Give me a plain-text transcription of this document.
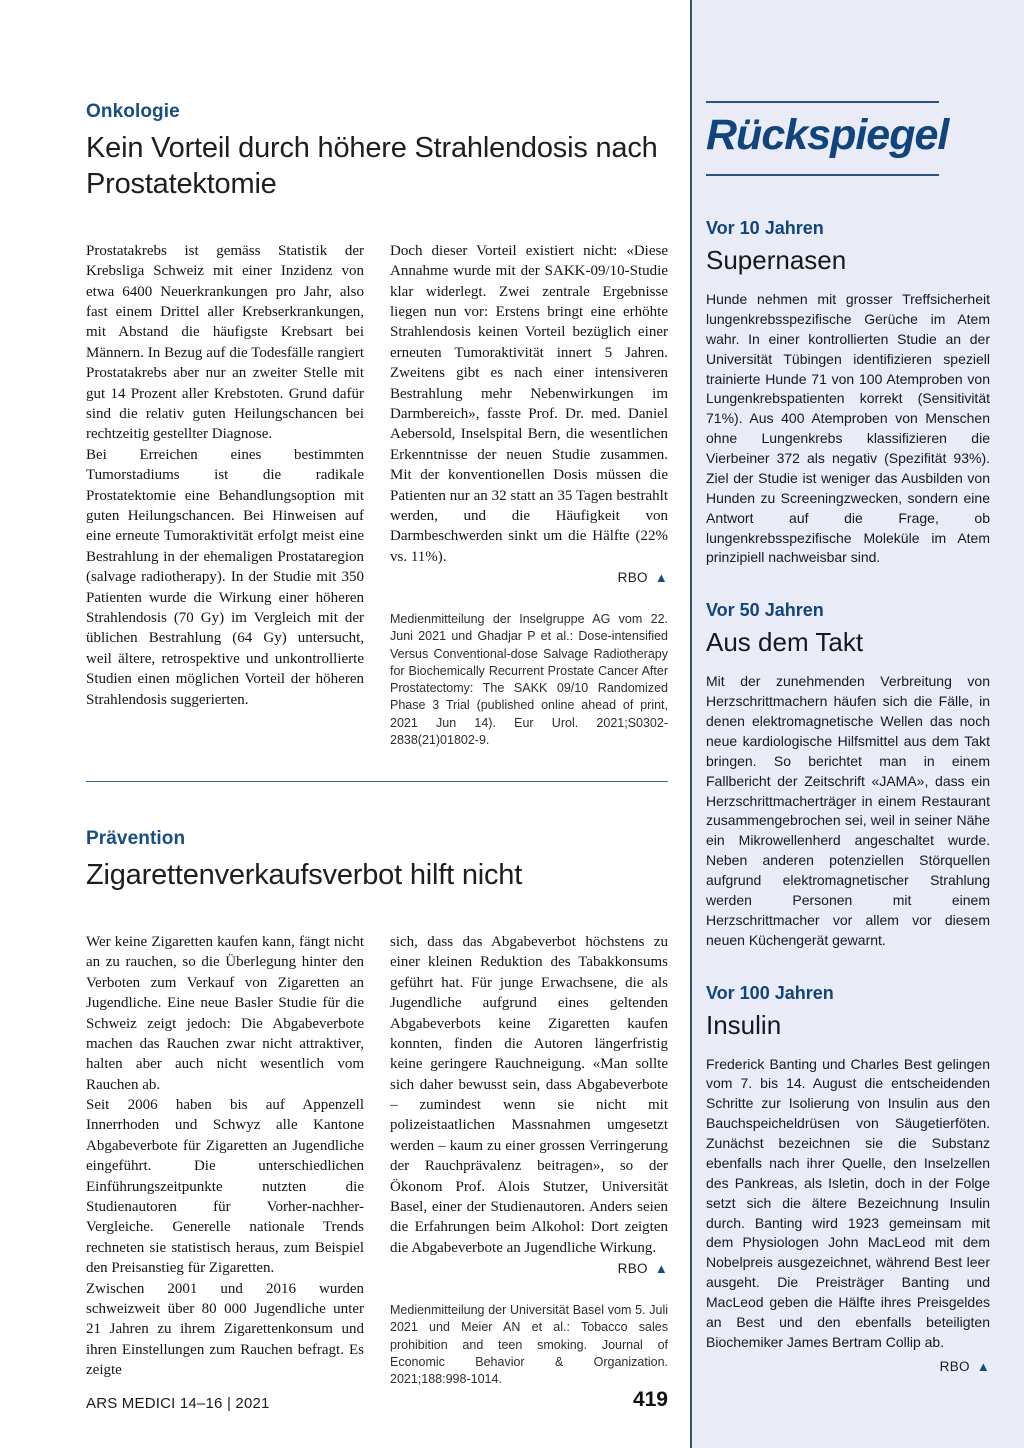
Onkologie
Kein Vorteil durch höhere Strahlendosis nach Prostatektomie

Prostatakrebs ist gemäss Statistik der Krebsliga Schweiz mit einer Inzidenz von etwa 6400 Neuerkrankungen pro Jahr, also fast einem Drittel aller Krebserkrankungen, mit Abstand die häufigste Krebsart bei Männern. In Bezug auf die Todesfälle rangiert Prostatakrebs aber nur an zweiter Stelle mit gut 14 Prozent aller Krebstoten. Grund dafür sind die relativ guten Heilungschancen bei rechtzeitig gestellter Diagnose.

Bei Erreichen eines bestimmten Tumorstadiums ist die radikale Prostatektomie eine Behandlungsoption mit guten Heilungschancen. Bei Hinweisen auf eine erneute Tumoraktivität erfolgt meist eine Bestrahlung in der ehemaligen Prostataregion (salvage radiotherapy). In der Studie mit 350 Patienten wurde die Wirkung einer höheren Strahlendosis (70 Gy) im Vergleich mit der üblichen Bestrahlung (64 Gy) untersucht, weil ältere, retrospektive und unkontrollierte Studien einen möglichen Vorteil der höheren Strahlendosis suggerierten.

Doch dieser Vorteil existiert nicht: «Diese Annahme wurde mit der SAKK-09/10-Studie klar widerlegt. Zwei zentrale Ergebnisse liegen nun vor: Erstens bringt eine erhöhte Strahlendosis keinen Vorteil bezüglich einer erneuten Tumoraktivität innert 5 Jahren. Zweitens gibt es nach einer intensiveren Bestrahlung mehr Nebenwirkungen im Darmbereich», fasste Prof. Dr. med. Daniel Aebersold, Inselspital Bern, die wesentlichen Erkenntnisse der neuen Studie zusammen. Mit der konventionellen Dosis müssen die Patienten nur an 32 statt an 35 Tagen bestrahlt werden, und die Häufigkeit von Darmbeschwerden sinkt um die Hälfte (22% vs. 11%).

RBO ▲
Medienmitteilung der Inselgruppe AG vom 22. Juni 2021 und Ghadjar P et al.: Dose-intensified Versus Conventional-dose Salvage Radiotherapy for Biochemically Recurrent Prostate Cancer After Prostatectomy: The SAKK 09/10 Randomized Phase 3 Trial (published online ahead of print, 2021 Jun 14). Eur Urol. 2021;S0302-2838(21)01802-9.
Prävention
Zigarettenverkaufsverbot hilft nicht

Wer keine Zigaretten kaufen kann, fängt nicht an zu rauchen, so die Überlegung hinter den Verboten zum Verkauf von Zigaretten an Jugendliche. Eine neue Basler Studie für die Schweiz zeigt jedoch: Die Abgabeverbote machen das Rauchen zwar nicht attraktiver, halten aber auch nicht wesentlich vom Rauchen ab.

Seit 2006 haben bis auf Appenzell Innerrhoden und Schwyz alle Kantone Abgabeverbote für Zigaretten an Jugendliche eingeführt. Die unterschiedlichen Einführungszeitpunkte nutzten die Studienautoren für Vorher-nachher-Vergleiche. Generelle nationale Trends rechneten sie statistisch heraus, zum Beispiel den Preisanstieg für Zigaretten.

Zwischen 2001 und 2016 wurden schweizweit über 80 000 Jugendliche unter 21 Jahren zu ihrem Zigarettenkonsum und ihren Einstellungen zum Rauchen befragt. Es zeigte

sich, dass das Abgabeverbot höchstens zu einer kleinen Reduktion des Tabakkonsums geführt hat. Für junge Erwachsene, die als Jugendliche aufgrund eines geltenden Abgabeverbots keine Zigaretten kaufen konnten, finden die Autoren längerfristig keine geringere Rauchneigung. «Man sollte sich daher bewusst sein, dass Abgabeverbote – zumindest wenn sie nicht mit polizeistaatlichen Massnahmen umgesetzt werden – kaum zu einer grossen Verringerung der Rauchprävalenz beitragen», so der Ökonom Prof. Alois Stutzer, Universität Basel, einer der Studienautoren. Anders seien die Erfahrungen beim Alkohol: Dort zeigten die Abgabeverbote an Jugendliche Wirkung.

RBO ▲
Medienmitteilung der Universität Basel vom 5. Juli 2021 und Meier AN et al.: Tobacco sales prohibition and teen smoking. Journal of Economic Behavior & Organization. 2021;188:998-1014.
Rückspiegel
Vor 10 Jahren
Supernasen
Hunde nehmen mit grosser Treffsicherheit lungenkrebsspezifische Gerüche im Atem wahr. In einer kontrollierten Studie an der Universität Tübingen identifizieren speziell trainierte Hunde 71 von 100 Atemproben von Lungenkrebspatienten korrekt (Sensitivität 71%). Aus 400 Atemproben von Menschen ohne Lungenkrebs klassifizieren die Vierbeiner 372 als negativ (Spezifität 93%). Ziel der Studie ist weniger das Ausbilden von Hunden zu Screeningzwecken, sondern eine Antwort auf die Frage, ob lungenkrebsspezifische Moleküle im Atem prinzipiell nachweisbar sind.
Vor 50 Jahren
Aus dem Takt
Mit der zunehmenden Verbreitung von Herzschrittmachern häufen sich die Fälle, in denen elektromagnetische Wellen das noch neue kardiologische Hilfsmittel aus dem Takt bringen. So berichtet man in einem Fallbericht der Zeitschrift «JAMA», dass ein Herzschrittmacherträger in einem Restaurant zusammengebrochen sei, weil in seiner Nähe ein Mikrowellenherd angeschaltet wurde. Neben anderen potenziellen Störquellen aufgrund elektromagnetischer Strahlung werden Personen mit einem Herzschrittmacher vor allem vor diesem neuen Küchengerät gewarnt.
Vor 100 Jahren
Insulin
Frederick Banting und Charles Best gelingen vom 7. bis 14. August die entscheidenden Schritte zur Isolierung von Insulin aus den Bauchspeicheldrüsen von Säugetierföten. Zunächst bezeichnen sie die Substanz ebenfalls nach ihrer Quelle, den Inselzellen des Pankreas, als Isletin, doch in der Folge setzt sich die ältere Bezeichnung Insulin durch. Banting wird 1923 gemeinsam mit dem Physiologen John MacLeod mit dem Nobelpreis ausgezeichnet, während Best leer ausgeht. Die Preisträger Banting und MacLeod geben die Hälfte ihres Preisgeldes an Best und den ebenfalls beteiligten Biochemiker James Bertram Collip ab.
RBO ▲
ARS MEDICI 14–16 | 2021	419
